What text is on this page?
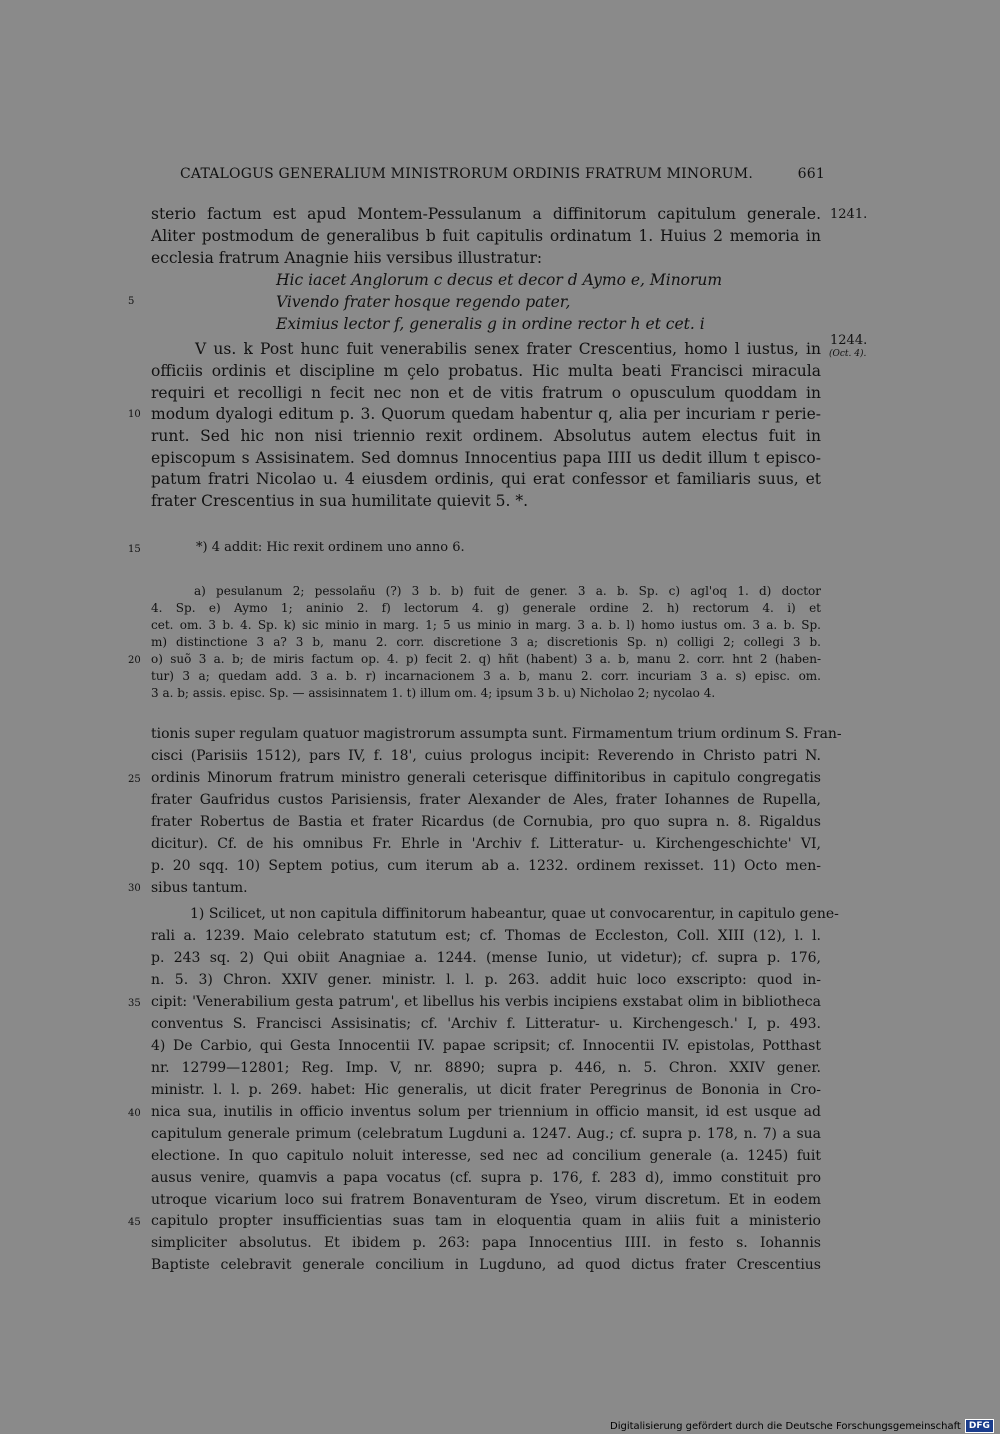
CATALOGUS GENERALIUM MINISTRORUM ORDINIS FRATRUM MINORUM.	661
sterio factum est apud Montem-Pessulanum a diffinitorum capitulum generale. 1241.
Aliter postmodum de generalibus b fuit capitulis ordinatum 1. Huius 2 memoria in
ecclesia fratrum Anagnie hiis versibus illustratur:
Hic iacet Anglorum c decus et decor d Aymo e, Minorum
5	Vivendo frater hosque regendo pater,
Eximius lector f, generalis g in ordine rector h et cet. i
V us. k Post hunc fuit venerabilis senex frater Crescentius, homo l iustus, in 1244.
(Oct. 4).
officiis ordinis et discipline m çelo probatus. Hic multa beati Francisci miracula
requiri et recolligi n fecit nec non et de vitis fratrum o opusculum quoddam in
10 modum dyalogi editum p. 3. Quorum quedam habentur q, alia per incuriam r perie-
runt. Sed hic non nisi triennio rexit ordinem. Absolutus autem electus fuit in
episcopum s Assisinatem. Sed domnus Innocentius papa IIII us dedit illum t episco-
patum fratri Nicolao u. 4 eiusdem ordinis, qui erat confessor et familiaris suus, et
frater Crescentius in sua humilitate quievit 5. *.
15	*) 4 addit: Hic rexit ordinem uno anno 6.
a) pesulanum 2; pessolañu (?) 3 b. b) fuit de gener. 3 a. b. Sp. c) agl'oq 1. d) doctor
4. Sp. e) Aymo 1; aninio 2. f) lectorum 4. g) generale ordine 2. h) rectorum 4. i) et
cet. om. 3 b. 4. Sp. k) sic minio in marg. 1; 5 us minio in marg. 3 a. b. l) homo iustus om. 3 a. b. Sp.
m) distinctione 3 a? 3 b, manu 2. corr. discretione 3 a; discretionis Sp. n) colligi 2; collegi 3 b.
20 o) suõ 3 a. b; de miris factum op. 4. p) fecit 2. q) hñt (habent) 3 a. b, manu 2. corr. hnt 2 (haben-
tur) 3 a; quedam add. 3 a. b. r) incarnacionem 3 a. b, manu 2. corr. incuriam 3 a. s) episc. om.
3 a. b; assis. episc. Sp. — assisinnatem 1. t) illum om. 4; ipsum 3 b. u) Nicholao 2; nycolao 4.
tionis super regulam quatuor magistrorum assumpta sunt. Firmamentum trium ordinum S. Fran-
cisci (Parisiis 1512), pars IV, f. 18', cuius prologus incipit: Reverendo in Christo patri N.
25 ordinis Minorum fratrum ministro generali ceterisque diffinitoribus in capitulo congregatis
frater Gaufridus custos Parisiensis, frater Alexander de Ales, frater Iohannes de Rupella,
frater Robertus de Bastia et frater Ricardus (de Cornubia, pro quo supra n. 8. Rigaldus
dicitur). Cf. de his omnibus Fr. Ehrle in 'Archiv f. Litteratur- u. Kirchengeschichte' VI,
p. 20 sqq. 10) Septem potius, cum iterum ab a. 1232. ordinem rexisset. 11) Octo men-
30 sibus tantum.
1) Scilicet, ut non capitula diffinitorum habeantur, quae ut convocarentur, in capitulo gene-
rali a. 1239. Maio celebrato statutum est; cf. Thomas de Eccleston, Coll. XIII (12), l. l.
p. 243 sq. 2) Qui obiit Anagniae a. 1244. (mense Iunio, ut videtur); cf. supra p. 176,
n. 5. 3) Chron. XXIV gener. ministr. l. l. p. 263. addit huic loco exscripto: quod in-
35 cipit: 'Venerabilium gesta patrum', et libellus his verbis incipiens exstabat olim in bibliotheca
conventus S. Francisci Assisinatis; cf. 'Archiv f. Litteratur- u. Kirchengesch.' I, p. 493.
4) De Carbio, qui Gesta Innocentii IV. papae scripsit; cf. Innocentii IV. epistolas, Potthast
nr. 12799—12801; Reg. Imp. V, nr. 8890; supra p. 446, n. 5. Chron. XXIV gener.
ministr. l. l. p. 269. habet: Hic generalis, ut dicit frater Peregrinus de Bononia in Cro-
40 nica sua, inutilis in officio inventus solum per triennium in officio mansit, id est usque ad
capitulum generale primum (celebratum Lugduni a. 1247. Aug.; cf. supra p. 178, n. 7) a sua
electione. In quo capitulo noluit interesse, sed nec ad concilium generale (a. 1245) fuit
ausus venire, quamvis a papa vocatus (cf. supra p. 176, f. 283 d), immo constituit pro
utroque vicarium loco sui fratrem Bonaventuram de Yseo, virum discretum. Et in eodem
45 capitulo propter insufficientias suas tam in eloquentia quam in aliis fuit a ministerio
simpliciter absolutus. Et ibidem p. 263: papa Innocentius IIII. in festo s. Iohannis
Baptiste celebravit generale concilium in Lugduno, ad quod dictus frater Crescentius
Digitalisierung gefördert durch die Deutsche Forschungsgemeinschaft DFG
